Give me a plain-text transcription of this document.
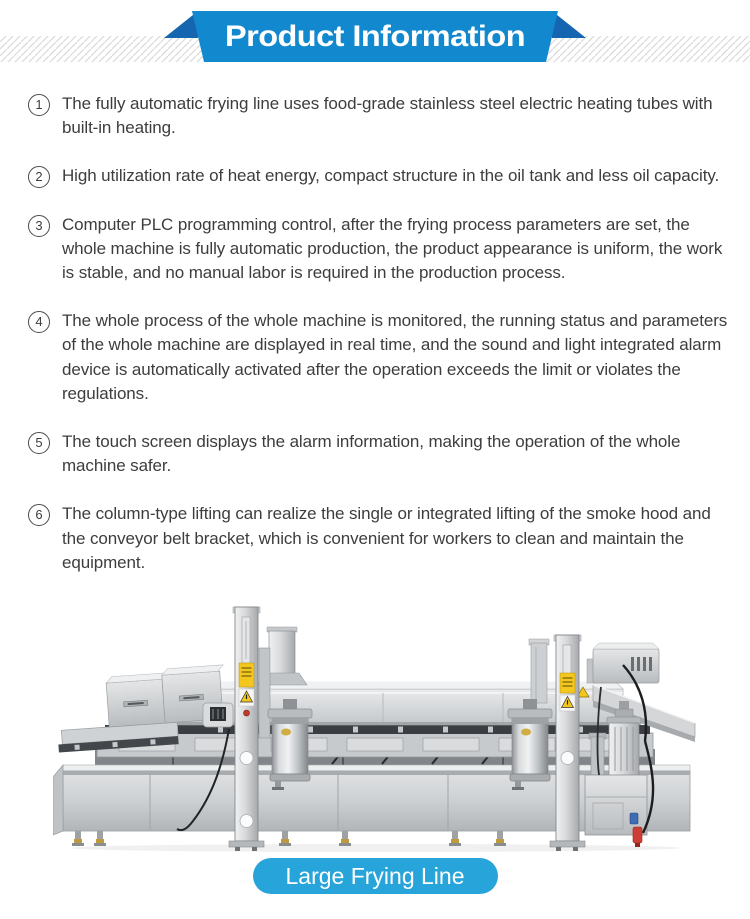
Product Information
1	The fully automatic frying line uses food-grade stainless steel electric heating tubes with built-in heating.

2	High utilization rate of heat energy, compact structure in the oil tank and less oil capacity.

3	Computer PLC programming control, after the frying process parameters are set, the whole machine is fully automatic production, the product appearance is uniform, the work is stable, and no manual labor is required in the production process.

4	The whole process of the whole machine is monitored, the running status and parameters of the whole machine are displayed in real time, and the sound and light integrated alarm device is automatically activated after the operation exceeds the limit or violates the regulations.

5	The touch screen displays the alarm information, making the operation of the whole machine safer.

6	The column-type lifting can realize the single or integrated lifting of the smoke hood and the conveyor belt bracket, which is convenient for workers to clean and maintain the equipment.

Large Frying Line
